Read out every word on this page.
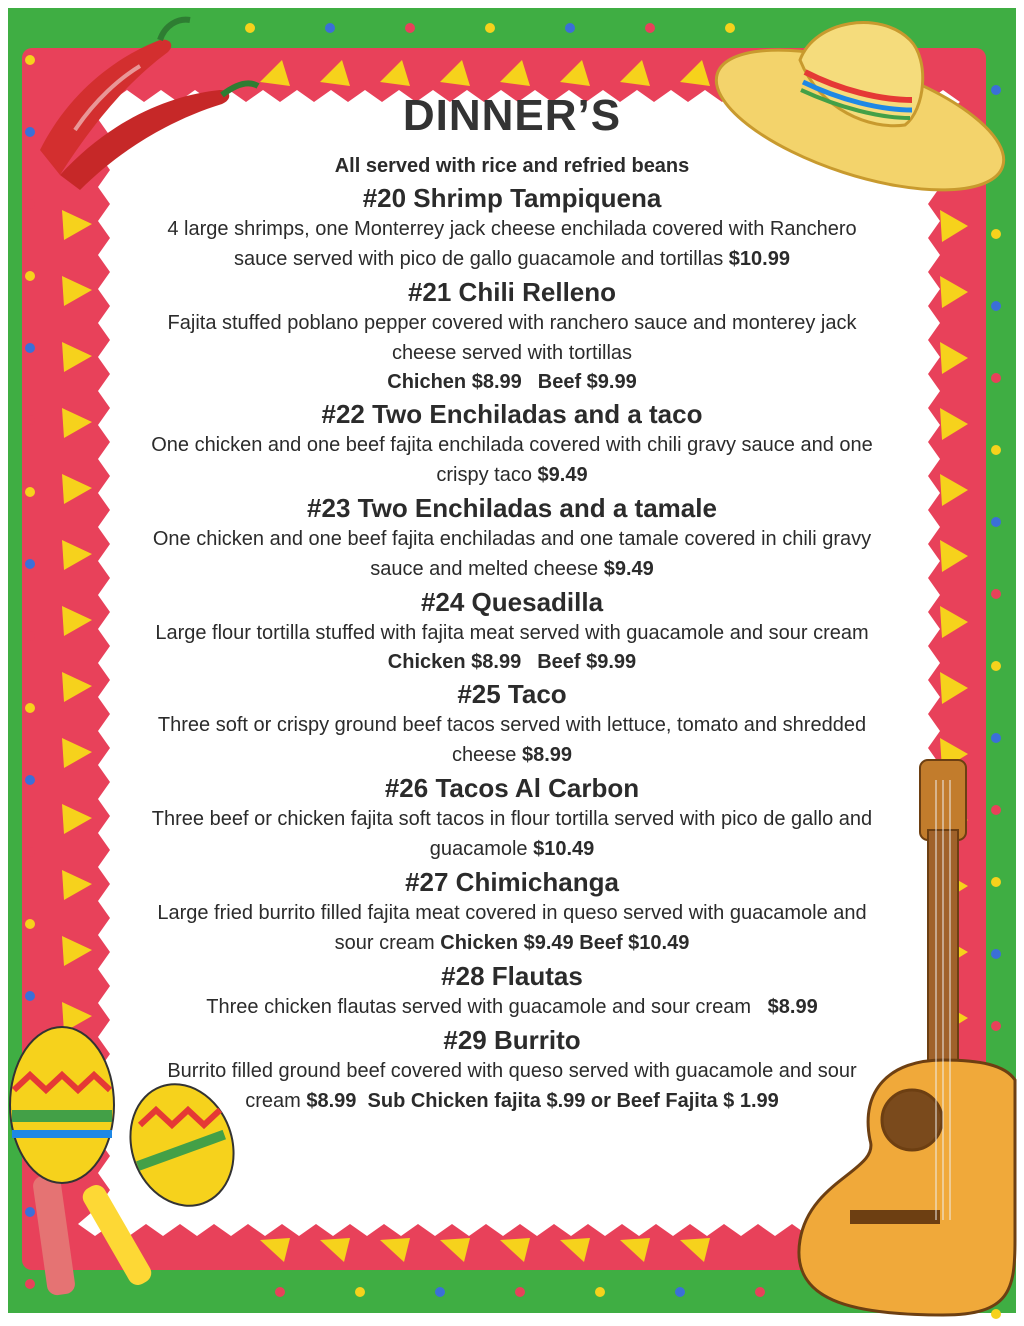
DINNER’S
All served with rice and refried beans
#20 Shrimp Tampiquena
4 large shrimps, one Monterrey jack cheese enchilada covered with Ranchero
sauce served with pico de gallo guacamole and tortillas $10.99
#21 Chili Relleno
Fajita stuffed poblano pepper covered with ranchero sauce and monterey jack
cheese served with tortillas
Chichen $8.99 Beef $9.99
#22 Two Enchiladas and a taco
One chicken and one beef fajita enchilada covered with chili gravy sauce and one
crispy taco $9.49
#23 Two Enchiladas and a tamale
One chicken and one beef fajita enchiladas and one tamale covered in chili gravy
sauce and melted cheese $9.49
#24 Quesadilla
Large flour tortilla stuffed with fajita meat served with guacamole and sour cream
Chicken $8.99 Beef $9.99
#25 Taco
Three soft or crispy ground beef tacos served with lettuce, tomato and shredded
cheese $8.99
#26 Tacos Al Carbon
Three beef or chicken fajita soft tacos in flour tortilla served with pico de gallo and
guacamole $10.49
#27 Chimichanga
Large fried burrito filled fajita meat covered in queso served with guacamole and
sour cream Chicken $9.49 Beef $10.49
#28 Flautas
Three chicken flautas served with guacamole and sour cream $8.99
#29 Burrito
Burrito filled ground beef covered with queso served with guacamole and sour
cream $8.99 Sub Chicken fajita $.99 or Beef Fajita $ 1.99
